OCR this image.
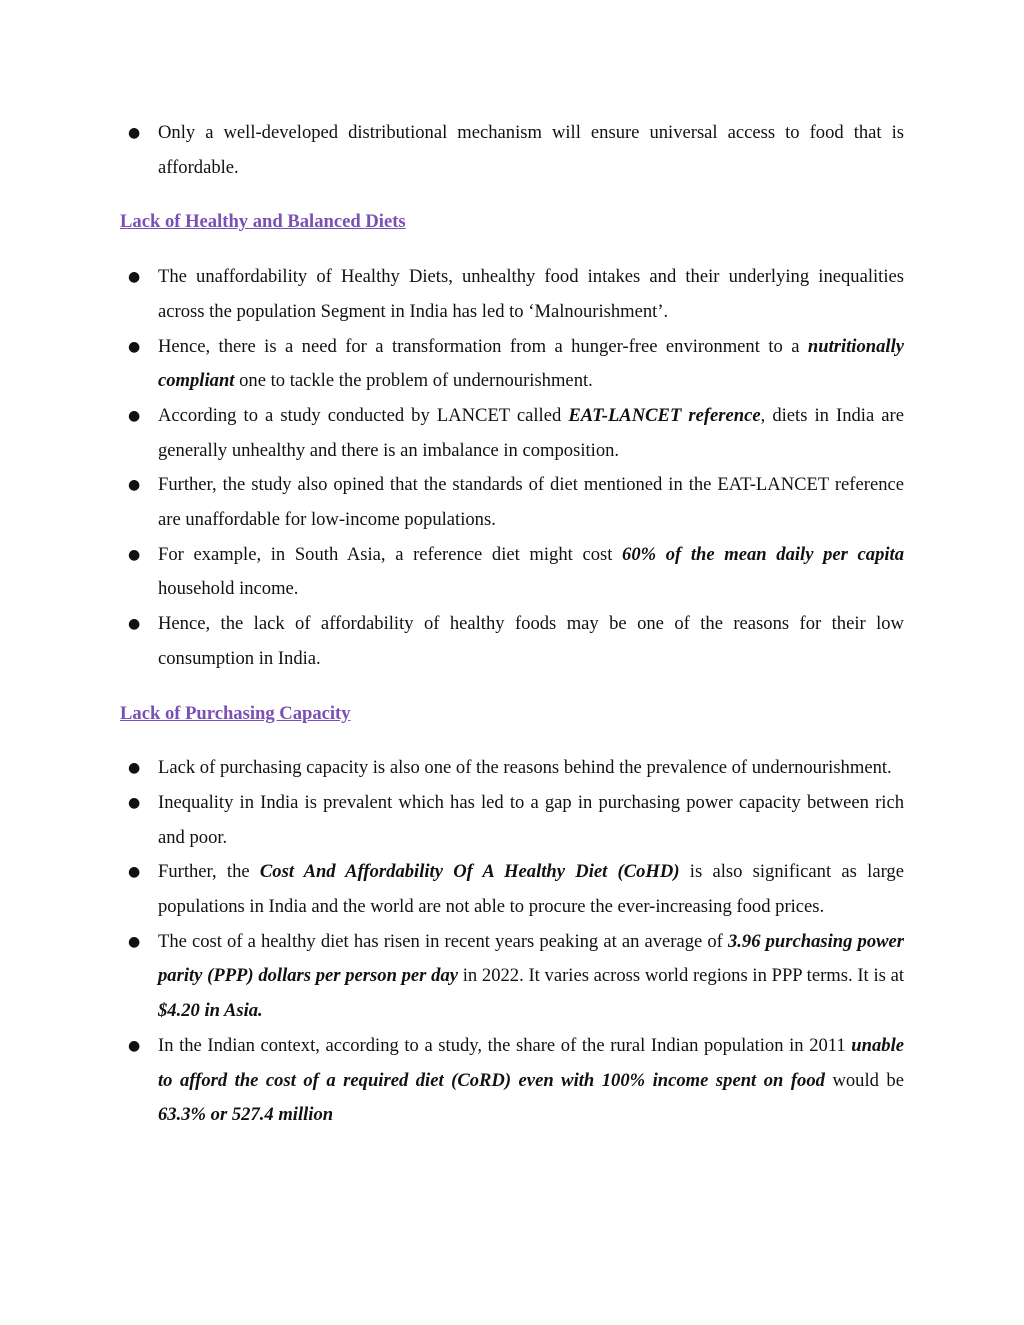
● Only a well-developed distributional mechanism will ensure universal access to food that is affordable.
Lack of Healthy and Balanced Diets
● The unaffordability of Healthy Diets, unhealthy food intakes and their underlying inequalities across the population Segment in India has led to ‘Malnourishment’.
● Hence, there is a need for a transformation from a hunger-free environment to a nutritionally compliant one to tackle the problem of undernourishment.
● According to a study conducted by LANCET called EAT-LANCET reference, diets in India are generally unhealthy and there is an imbalance in composition.
● Further, the study also opined that the standards of diet mentioned in the EAT-LANCET reference are unaffordable for low-income populations.
● For example, in South Asia, a reference diet might cost 60% of the mean daily per capita household income.
● Hence, the lack of affordability of healthy foods may be one of the reasons for their low consumption in India.
Lack of Purchasing Capacity
● Lack of purchasing capacity is also one of the reasons behind the prevalence of undernourishment.
● Inequality in India is prevalent which has led to a gap in purchasing power capacity between rich and poor.
● Further, the Cost And Affordability Of A Healthy Diet (CoHD) is also significant as large populations in India and the world are not able to procure the ever-increasing food prices.
● The cost of a healthy diet has risen in recent years peaking at an average of 3.96 purchasing power parity (PPP) dollars per person per day in 2022. It varies across world regions in PPP terms. It is at $4.20 in Asia.
● In the Indian context, according to a study, the share of the rural Indian population in 2011 unable to afford the cost of a required diet (CoRD) even with 100% income spent on food would be 63.3% or 527.4 million
